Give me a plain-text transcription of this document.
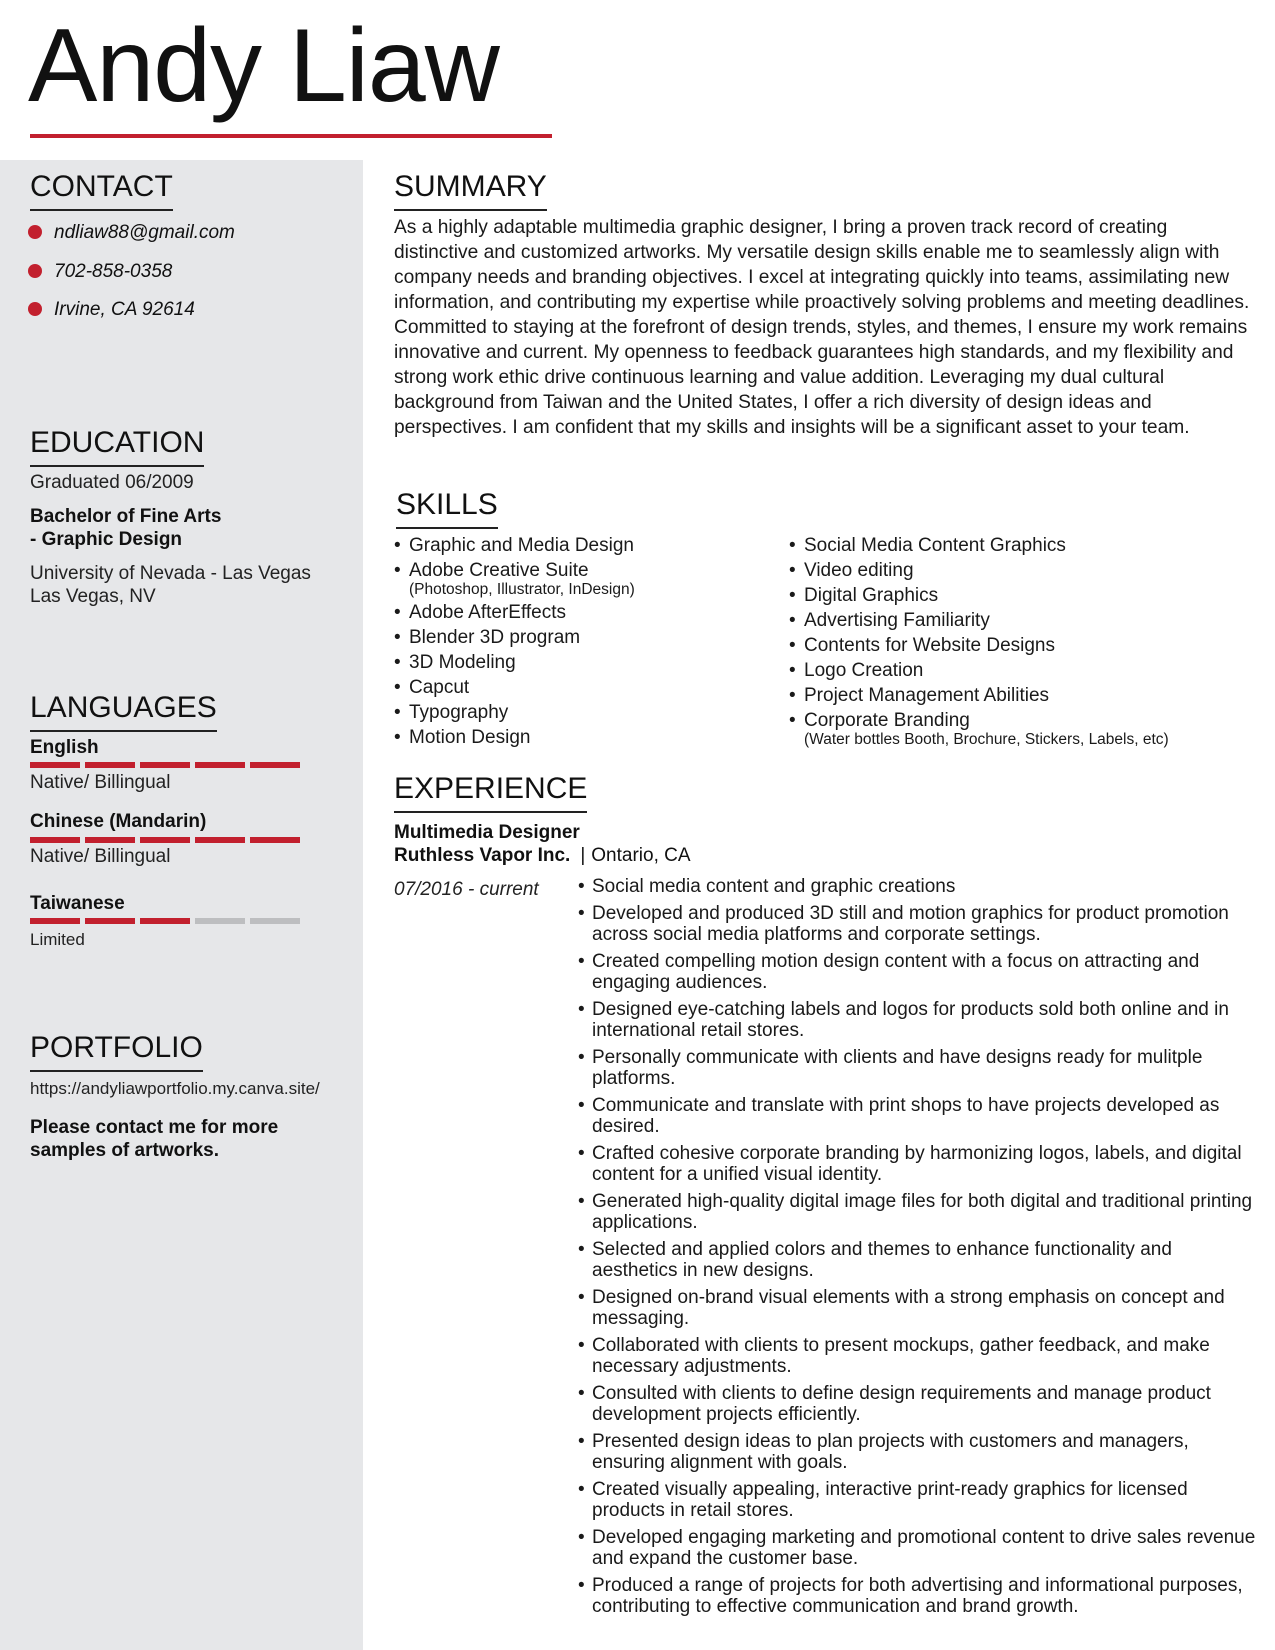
Andy Liaw
CONTACT
ndliaw88@gmail.com
702-858-0358
Irvine, CA 92614
EDUCATION
Graduated 06/2009
Bachelor of Fine Arts
- Graphic Design
University of Nevada - Las Vegas
Las Vegas, NV
LANGUAGES
English
Native/ Billingual
Chinese (Mandarin)
Native/ Billingual
Taiwanese
Limited
PORTFOLIO
https://andyliawportfolio.my.canva.site/
Please contact me for more
samples of artworks.
SUMMARY
As a highly adaptable multimedia graphic designer, I bring a proven track record of creating distinctive and customized artworks. My versatile design skills enable me to seamlessly align with company needs and branding objectives. I excel at integrating quickly into teams, assimilating new information, and contributing my expertise while proactively solving problems and meeting deadlines. Committed to staying at the forefront of design trends, styles, and themes, I ensure my work remains innovative and current. My openness to feedback guarantees high standards, and my flexibility and strong work ethic drive continuous learning and value addition. Leveraging my dual cultural background from Taiwan and the United States, I offer a rich diversity of design ideas and perspectives. I am confident that my skills and insights will be a significant asset to your team.
SKILLS
• Graphic and Media Design
• Adobe Creative Suite
(Photoshop, Illustrator, InDesign)
• Adobe AfterEffects
• Blender 3D program
• 3D Modeling
• Capcut
• Typography
• Motion Design
• Social Media Content Graphics
• Video editing
• Digital Graphics
• Advertising Familiarity
• Contents for Website Designs
• Logo Creation
• Project Management Abilities
• Corporate Branding
(Water bottles Booth, Brochure, Stickers, Labels, etc)
EXPERIENCE
Multimedia Designer
Ruthless Vapor Inc. | Ontario, CA
07/2016 - current
•	Social media content and graphic creations
• Developed and produced 3D still and motion graphics for product promotion across social media platforms and corporate settings.
• Created compelling motion design content with a focus on attracting and engaging audiences.
• Designed eye-catching labels and logos for products sold both online and in international retail stores.
• Personally communicate with clients and have designs ready for mulitple platforms.
• Communicate and translate with print shops to have projects developed as desired.
• Crafted cohesive corporate branding by harmonizing logos, labels, and digital content for a unified visual identity.
• Generated high-quality digital image files for both digital and traditional printing applications.
• Selected and applied colors and themes to enhance functionality and aesthetics in new designs.
• Designed on-brand visual elements with a strong emphasis on concept and messaging.
• Collaborated with clients to present mockups, gather feedback, and make necessary adjustments.
• Consulted with clients to define design requirements and manage product development projects efficiently.
• Presented design ideas to plan projects with customers and managers, ensuring alignment with goals.
• Created visually appealing, interactive print-ready graphics for licensed products in retail stores.
• Developed engaging marketing and promotional content to drive sales revenue and expand the customer base.
• Produced a range of projects for both advertising and informational purposes, contributing to effective communication and brand growth.
